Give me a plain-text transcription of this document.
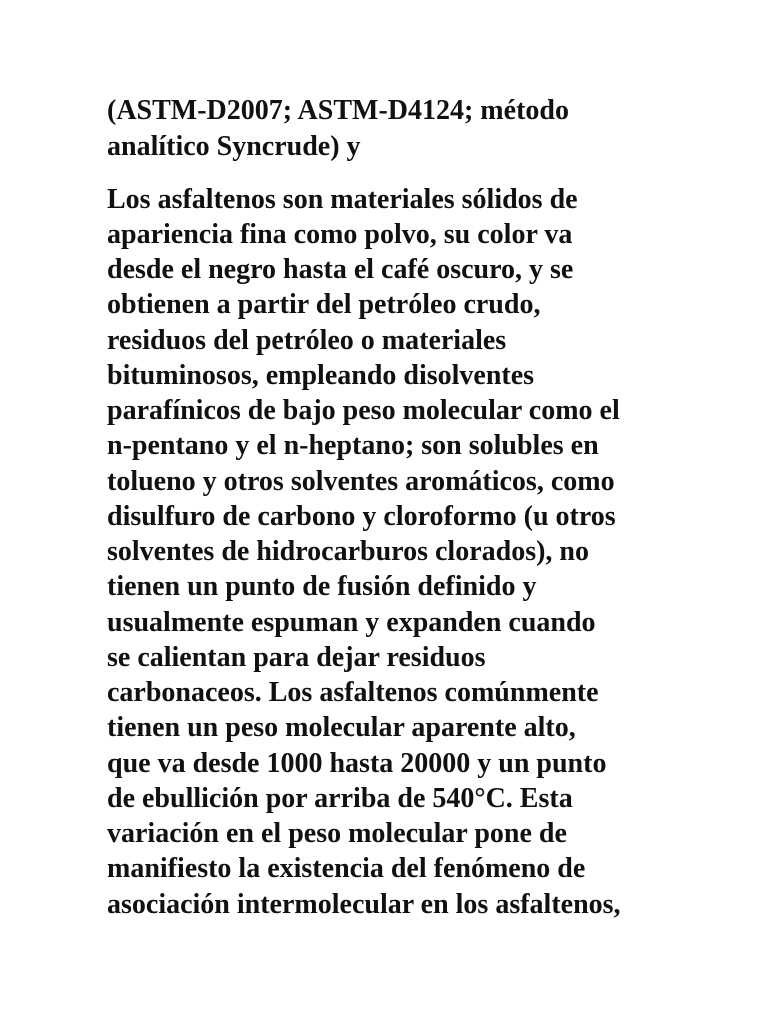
(ASTM-D2007; ASTM-D4124; método

analítico Syncrude) y

Los asfaltenos son materiales sólidos de

apariencia fina como polvo, su color va

desde el negro hasta el café oscuro, y se

obtienen a partir del petróleo crudo,

residuos del petróleo o materiales

bituminosos, empleando disolventes

parafínicos de bajo peso molecular como el

n-pentano y el n-heptano; son solubles en

tolueno y otros solventes aromáticos, como

disulfuro de carbono y cloroformo (u otros

solventes de hidrocarburos clorados), no

tienen un punto de fusión definido y

usualmente espuman y expanden cuando

se calientan para dejar residuos

carbonaceos. Los asfaltenos comúnmente

tienen un peso molecular aparente alto,

que va desde 1000 hasta 20000 y un punto

de ebullición por arriba de 540°C. Esta

variación en el peso molecular pone de

manifiesto la existencia del fenómeno de

asociación intermolecular en los asfaltenos,
